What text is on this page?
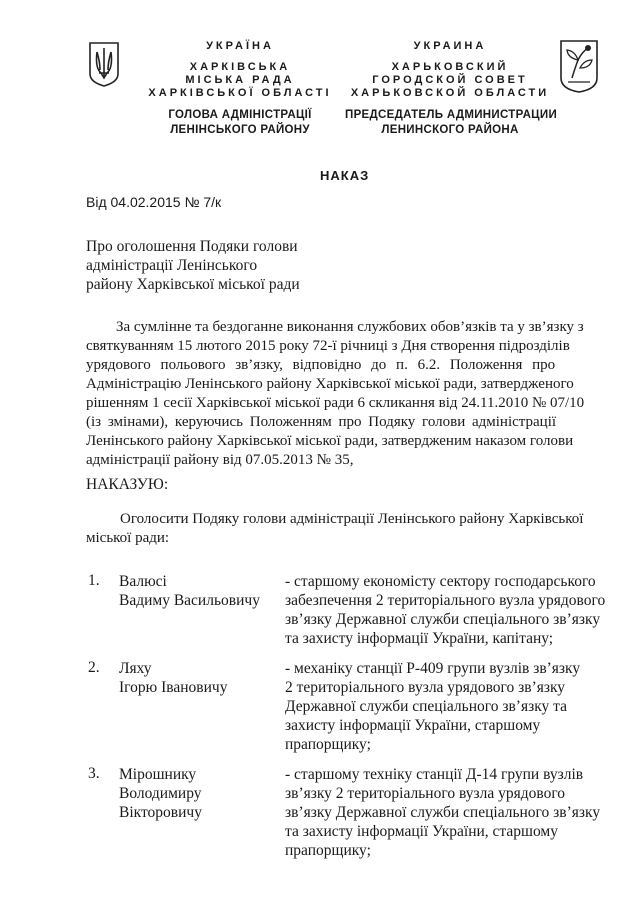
УКРАЇНА
ХАРКІВСЬКА
МІСЬКА РАДА
ХАРКІВСЬКОЇ ОБЛАСТІ
ГОЛОВА АДМІНІСТРАЦІЇ
ЛЕНІНСЬКОГО РАЙОНУ
УКРАИНА
ХАРЬКОВСКИЙ
ГОРОДСКОЙ СОВЕТ
ХАРЬКОВСКОЙ ОБЛАСТИ
ПРЕДСЕДАТЕЛЬ АДМИНИСТРАЦИИ
ЛЕНИНСКОГО РАЙОНА
НАКАЗ
Від 04.02.2015 № 7/к
Про оголошення Подяки голови
адміністрації Ленінського
району Харківської міської ради
За сумлінне та бездоганне виконання службових обов’язків та у зв’язку з
святкуванням 15 лютого 2015 року 72-ї річниці з Дня створення підрозділів
урядового польового зв’язку, відповідно до п. 6.2. Положення про
Адміністрацію Ленінського району Харківської міської ради, затвердженого
рішенням 1 сесії Харківської міської ради 6 скликання від 24.11.2010 № 07/10
(із змінами), керуючись Положенням про Подяку голови адміністрації
Ленінського району Харківської міської ради, затвердженим наказом голови
адміністрації району від 07.05.2013 № 35,
НАКАЗУЮ:
Оголосити Подяку голови адміністрації Ленінського району Харківської
міської ради:
1. Валюсі
Вадиму Васильовичу
- старшому економісту сектору господарського
забезпечення 2 територіального вузла урядового
зв’язку Державної служби спеціального зв’язку
та захисту інформації України, капітану;
2. Ляху
Ігорю Івановичу
- механіку станції Р-409 групи вузлів зв’язку
2 територіального вузла урядового зв’язку
Державної служби спеціального зв’язку та
захисту інформації України, старшому
прапорщику;
3. Мірошнику
Володимиру
Вікторовичу
- старшому техніку станції Д-14 групи вузлів
зв’язку 2 територіального вузла урядового
зв’язку Державної служби спеціального зв’язку
та захисту інформації України, старшому
прапорщику;
